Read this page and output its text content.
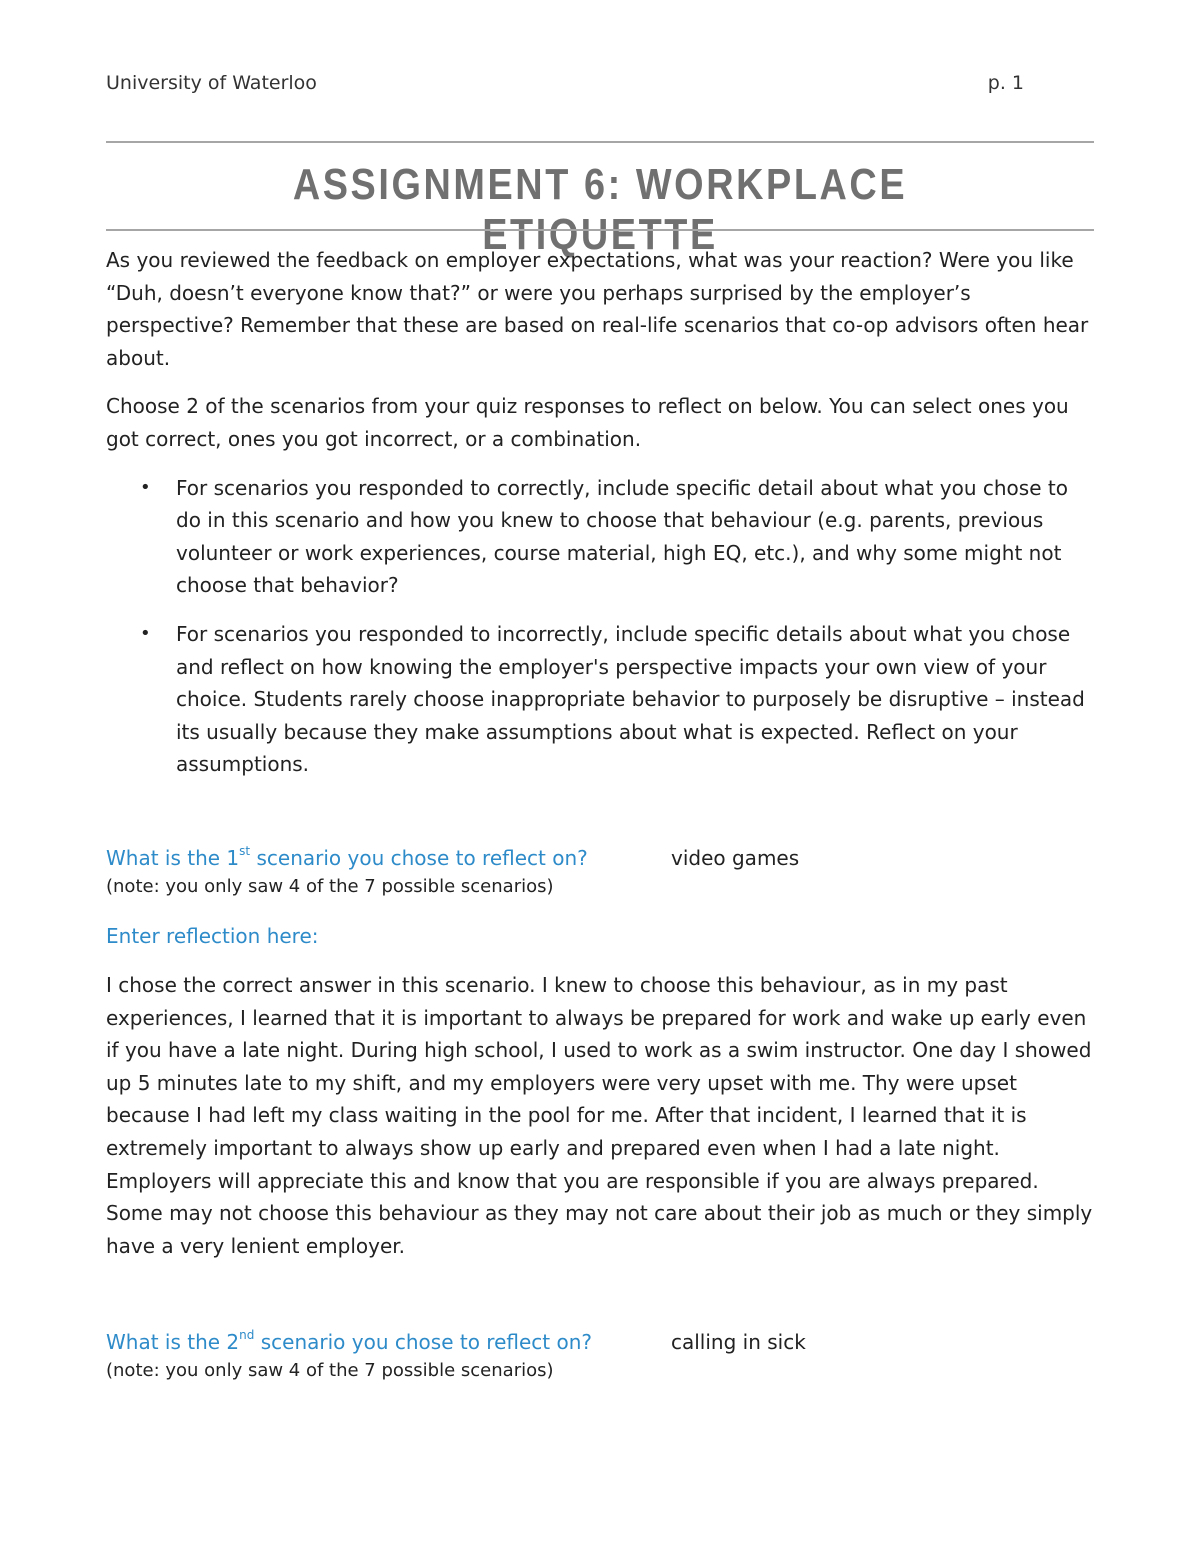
University of Waterloo	p. 1
ASSIGNMENT 6: WORKPLACE ETIQUETTE

As you reviewed the feedback on employer expectations, what was your reaction? Were you like “Duh, doesn’t everyone know that?” or were you perhaps surprised by the employer’s perspective? Remember that these are based on real-life scenarios that co-op advisors often hear about.

Choose 2 of the scenarios from your quiz responses to reflect on below. You can select ones you got correct, ones you got incorrect, or a combination.

• For scenarios you responded to correctly, include specific detail about what you chose to do in this scenario and how you knew to choose that behaviour (e.g. parents, previous volunteer or work experiences, course material, high EQ, etc.), and why some might not choose that behavior?
• For scenarios you responded to incorrectly, include specific details about what you chose and reflect on how knowing the employer's perspective impacts your own view of your choice. Students rarely choose inappropriate behavior to purposely be disruptive – instead its usually because they make assumptions about what is expected. Reflect on your assumptions.
What is the 1st scenario you chose to reflect on?	video games
(note: you only saw 4 of the 7 possible scenarios)
Enter reflection here:

I chose the correct answer in this scenario. I knew to choose this behaviour, as in my past experiences, I learned that it is important to always be prepared for work and wake up early even if you have a late night. During high school, I used to work as a swim instructor. One day I showed up 5 minutes late to my shift, and my employers were very upset with me. Thy were upset because I had left my class waiting in the pool for me. After that incident, I learned that it is extremely important to always show up early and prepared even when I had a late night. Employers will appreciate this and know that you are responsible if you are always prepared. Some may not choose this behaviour as they may not care about their job as much or they simply have a very lenient employer.

What is the 2nd scenario you chose to reflect on?	calling in sick
(note: you only saw 4 of the 7 possible scenarios)
